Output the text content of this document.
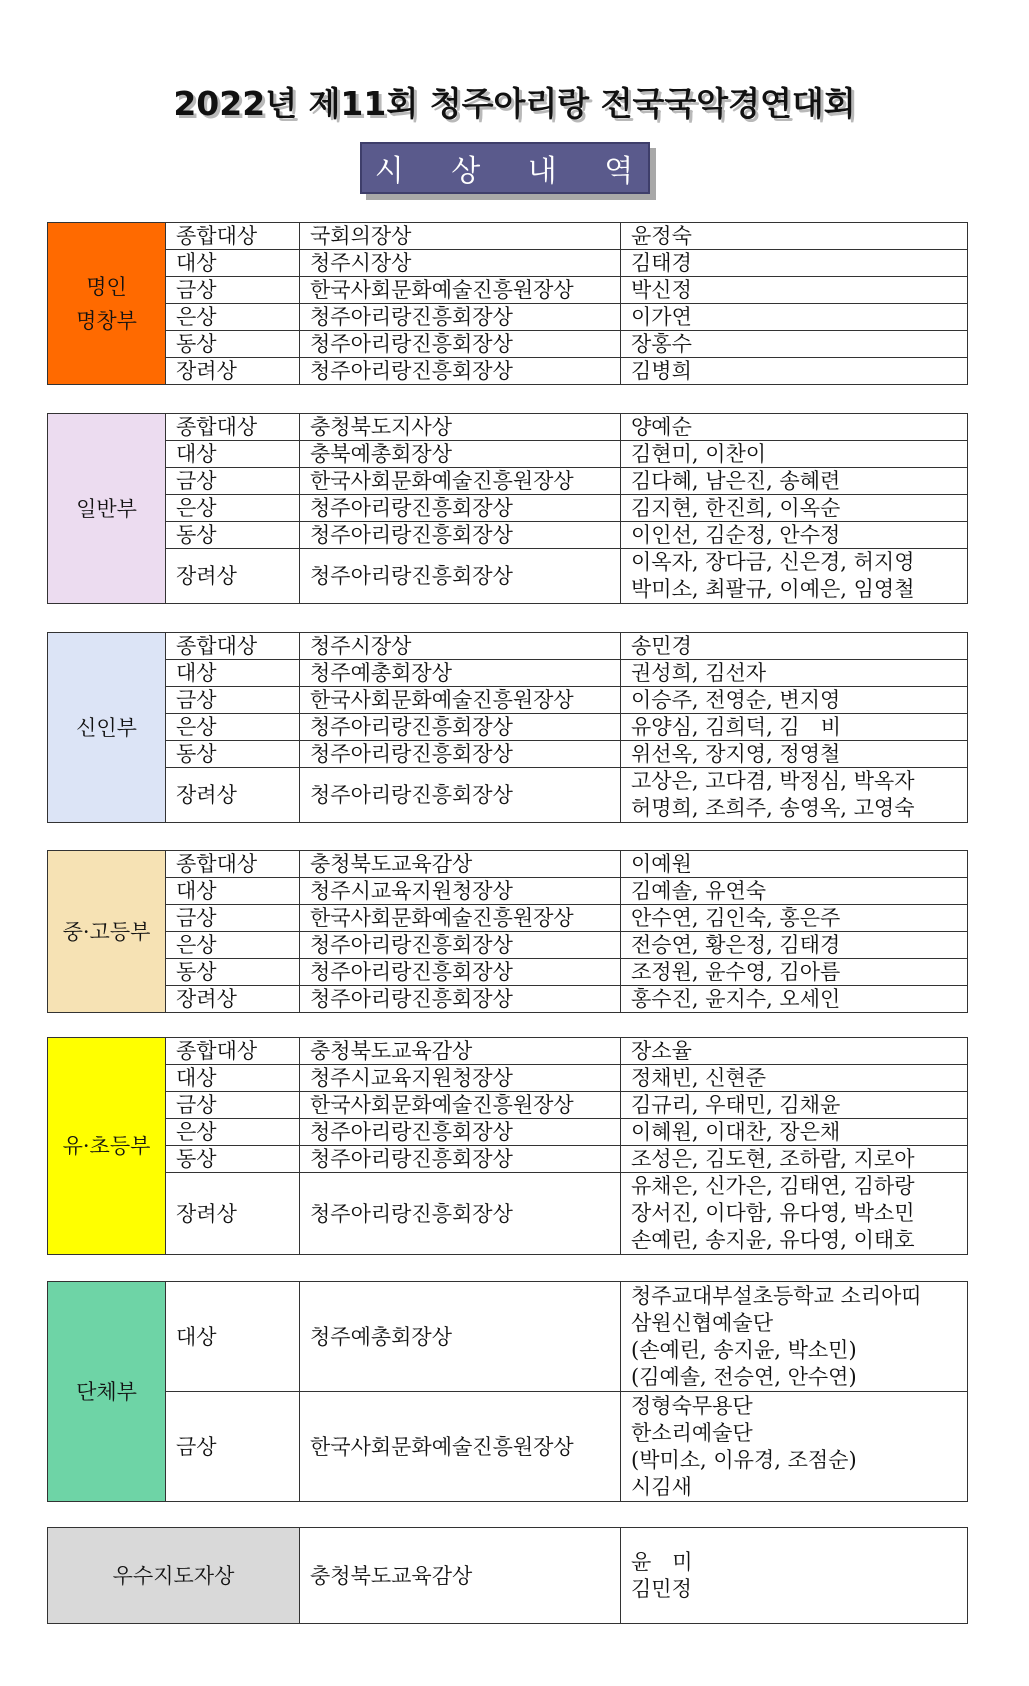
2022년 제11회 청주아리랑 전국국악경연대회
시 상 내 역
명인
명창부	종합대상	국회의장상	윤정숙
	대상	청주시장상	김태경
	금상	한국사회문화예술진흥원장상	박신정
	은상	청주아리랑진흥회장상	이가연
	동상	청주아리랑진흥회장상	장홍수
	장려상	청주아리랑진흥회장상	김병희
일반부	종합대상	충청북도지사상	양예순
	대상	충북예총회장상	김현미, 이찬이
	금상	한국사회문화예술진흥원장상	김다혜, 남은진, 송혜련
	은상	청주아리랑진흥회장상	김지현, 한진희, 이옥순
	동상	청주아리랑진흥회장상	이인선, 김순정, 안수정
	장려상	청주아리랑진흥회장상	이옥자, 장다금, 신은경, 허지영
박미소, 최팔규, 이예은, 임영철
신인부	종합대상	청주시장상	송민경
	대상	청주예총회장상	권성희, 김선자
	금상	한국사회문화예술진흥원장상	이승주, 전영순, 변지영
	은상	청주아리랑진흥회장상	유양심, 김희덕, 김　비
	동상	청주아리랑진흥회장상	위선옥, 장지영, 정영철
	장려상	청주아리랑진흥회장상	고상은, 고다겸, 박정심, 박옥자
허명희, 조희주, 송영옥, 고영숙
중·고등부	종합대상	충청북도교육감상	이예원
	대상	청주시교육지원청장상	김예솔, 유연숙
	금상	한국사회문화예술진흥원장상	안수연, 김인숙, 홍은주
	은상	청주아리랑진흥회장상	전승연, 황은정, 김태경
	동상	청주아리랑진흥회장상	조정원, 윤수영, 김아름
	장려상	청주아리랑진흥회장상	홍수진, 윤지수, 오세인
유·초등부	종합대상	충청북도교육감상	장소율
	대상	청주시교육지원청장상	정채빈, 신현준
	금상	한국사회문화예술진흥원장상	김규리, 우태민, 김채윤
	은상	청주아리랑진흥회장상	이혜원, 이대찬, 장은채
	동상	청주아리랑진흥회장상	조성은, 김도현, 조하람, 지로아
	장려상	청주아리랑진흥회장상	유채은, 신가은, 김태연, 김하랑
장서진, 이다함, 유다영, 박소민
손예린, 송지윤, 유다영, 이태호
단체부	대상	청주예총회장상	청주교대부설초등학교 소리아띠
삼원신협예술단
(손예린, 송지윤, 박소민)
(김예솔, 전승연, 안수연)
	금상	한국사회문화예술진흥원장상	정형숙무용단
한소리예술단
(박미소, 이유경, 조점순)
시김새
우수지도자상	충청북도교육감상	윤　미
김민정
